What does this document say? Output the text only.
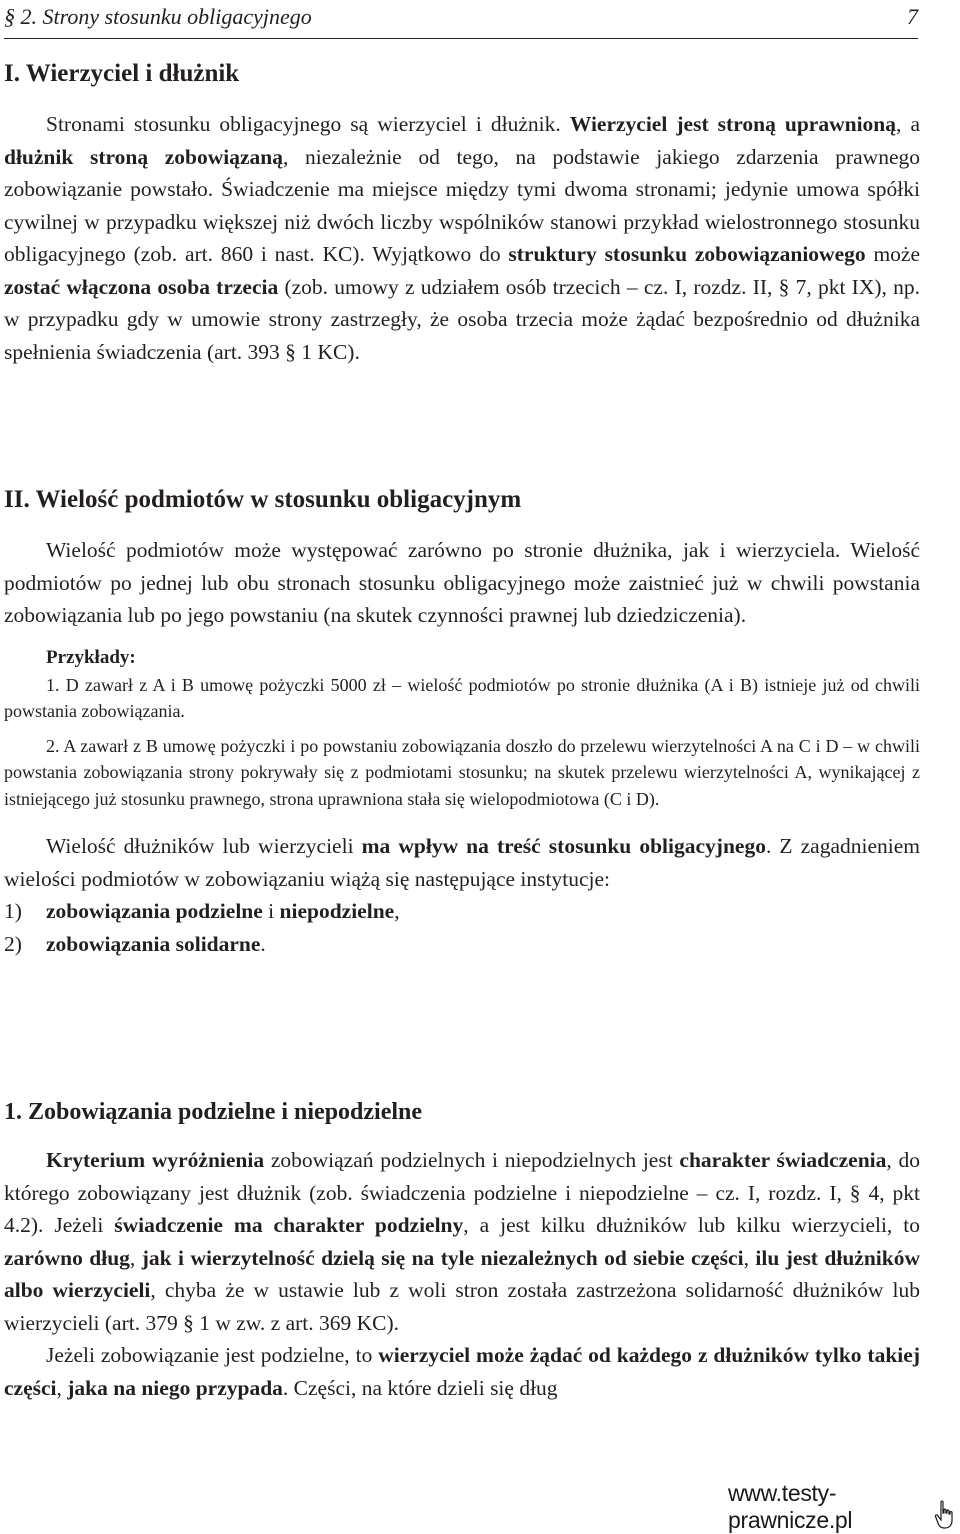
§ 2. Strony stosunku obligacyjnego	7
I. Wierzyciel i dłużnik

Stronami stosunku obligacyjnego są wierzyciel i dłużnik. Wierzyciel jest stroną uprawnioną, a dłużnik stroną zobowiązaną, niezależnie od tego, na podstawie jakiego zdarzenia prawnego zobowiązanie powstało. Świadczenie ma miejsce między tymi dwoma stronami; jedynie umowa spółki cywilnej w przypadku większej niż dwóch liczby wspólników stanowi przykład wielostronnego stosunku obligacyjnego (zob. art. 860 i nast. KC). Wyjątkowo do struktury stosunku zobowiązaniowego może zostać włączona osoba trzecia (zob. umowy z udziałem osób trzecich – cz. I, rozdz. II, § 7, pkt IX), np. w przypadku gdy w umowie strony zastrzegły, że osoba trzecia może żądać bezpośrednio od dłużnika spełnienia świadczenia (art. 393 § 1 KC).

II. Wielość podmiotów w stosunku obligacyjnym

Wielość podmiotów może występować zarówno po stronie dłużnika, jak i wierzyciela. Wielość podmiotów po jednej lub obu stronach stosunku obligacyjnego może zaistnieć już w chwili powstania zobowiązania lub po jego powstaniu (na skutek czynności prawnej lub dziedziczenia).

Przykłady:

1. D zawarł z A i B umowę pożyczki 5000 zł – wielość podmiotów po stronie dłużnika (A i B) istnieje już od chwili powstania zobowiązania.

2. A zawarł z B umowę pożyczki i po powstaniu zobowiązania doszło do przelewu wierzytelności A na C i D – w chwili powstania zobowiązania strony pokrywały się z podmiotami stosunku; na skutek przelewu wierzytelności A, wynikającej z istniejącego już stosunku prawnego, strona uprawniona stała się wielopodmiotowa (C i D).

Wielość dłużników lub wierzycieli ma wpływ na treść stosunku obligacyjnego. Z zagadnieniem wielości podmiotów w zobowiązaniu wiążą się następujące instytucje:

1)	zobowiązania podzielne i niepodzielne,
2)	zobowiązania solidarne.
1. Zobowiązania podzielne i niepodzielne

Kryterium wyróżnienia zobowiązań podzielnych i niepodzielnych jest charakter świadczenia, do którego zobowiązany jest dłużnik (zob. świadczenia podzielne i niepodzielne – cz. I, rozdz. I, § 4, pkt 4.2). Jeżeli świadczenie ma charakter podzielny, a jest kilku dłużników lub kilku wierzycieli, to zarówno dług, jak i wierzytelność dzielą się na tyle niezależnych od siebie części, ilu jest dłużników albo wierzycieli, chyba że w ustawie lub z woli stron została zastrzeżona solidarność dłużników lub wierzycieli (art. 379 § 1 w zw. z art. 369 KC).

Jeżeli zobowiązanie jest podzielne, to wierzyciel może żądać od każdego z dłużników tylko takiej części, jaka na niego przypada. Części, na które dzieli się dług

www.testy-prawnicze.pl
